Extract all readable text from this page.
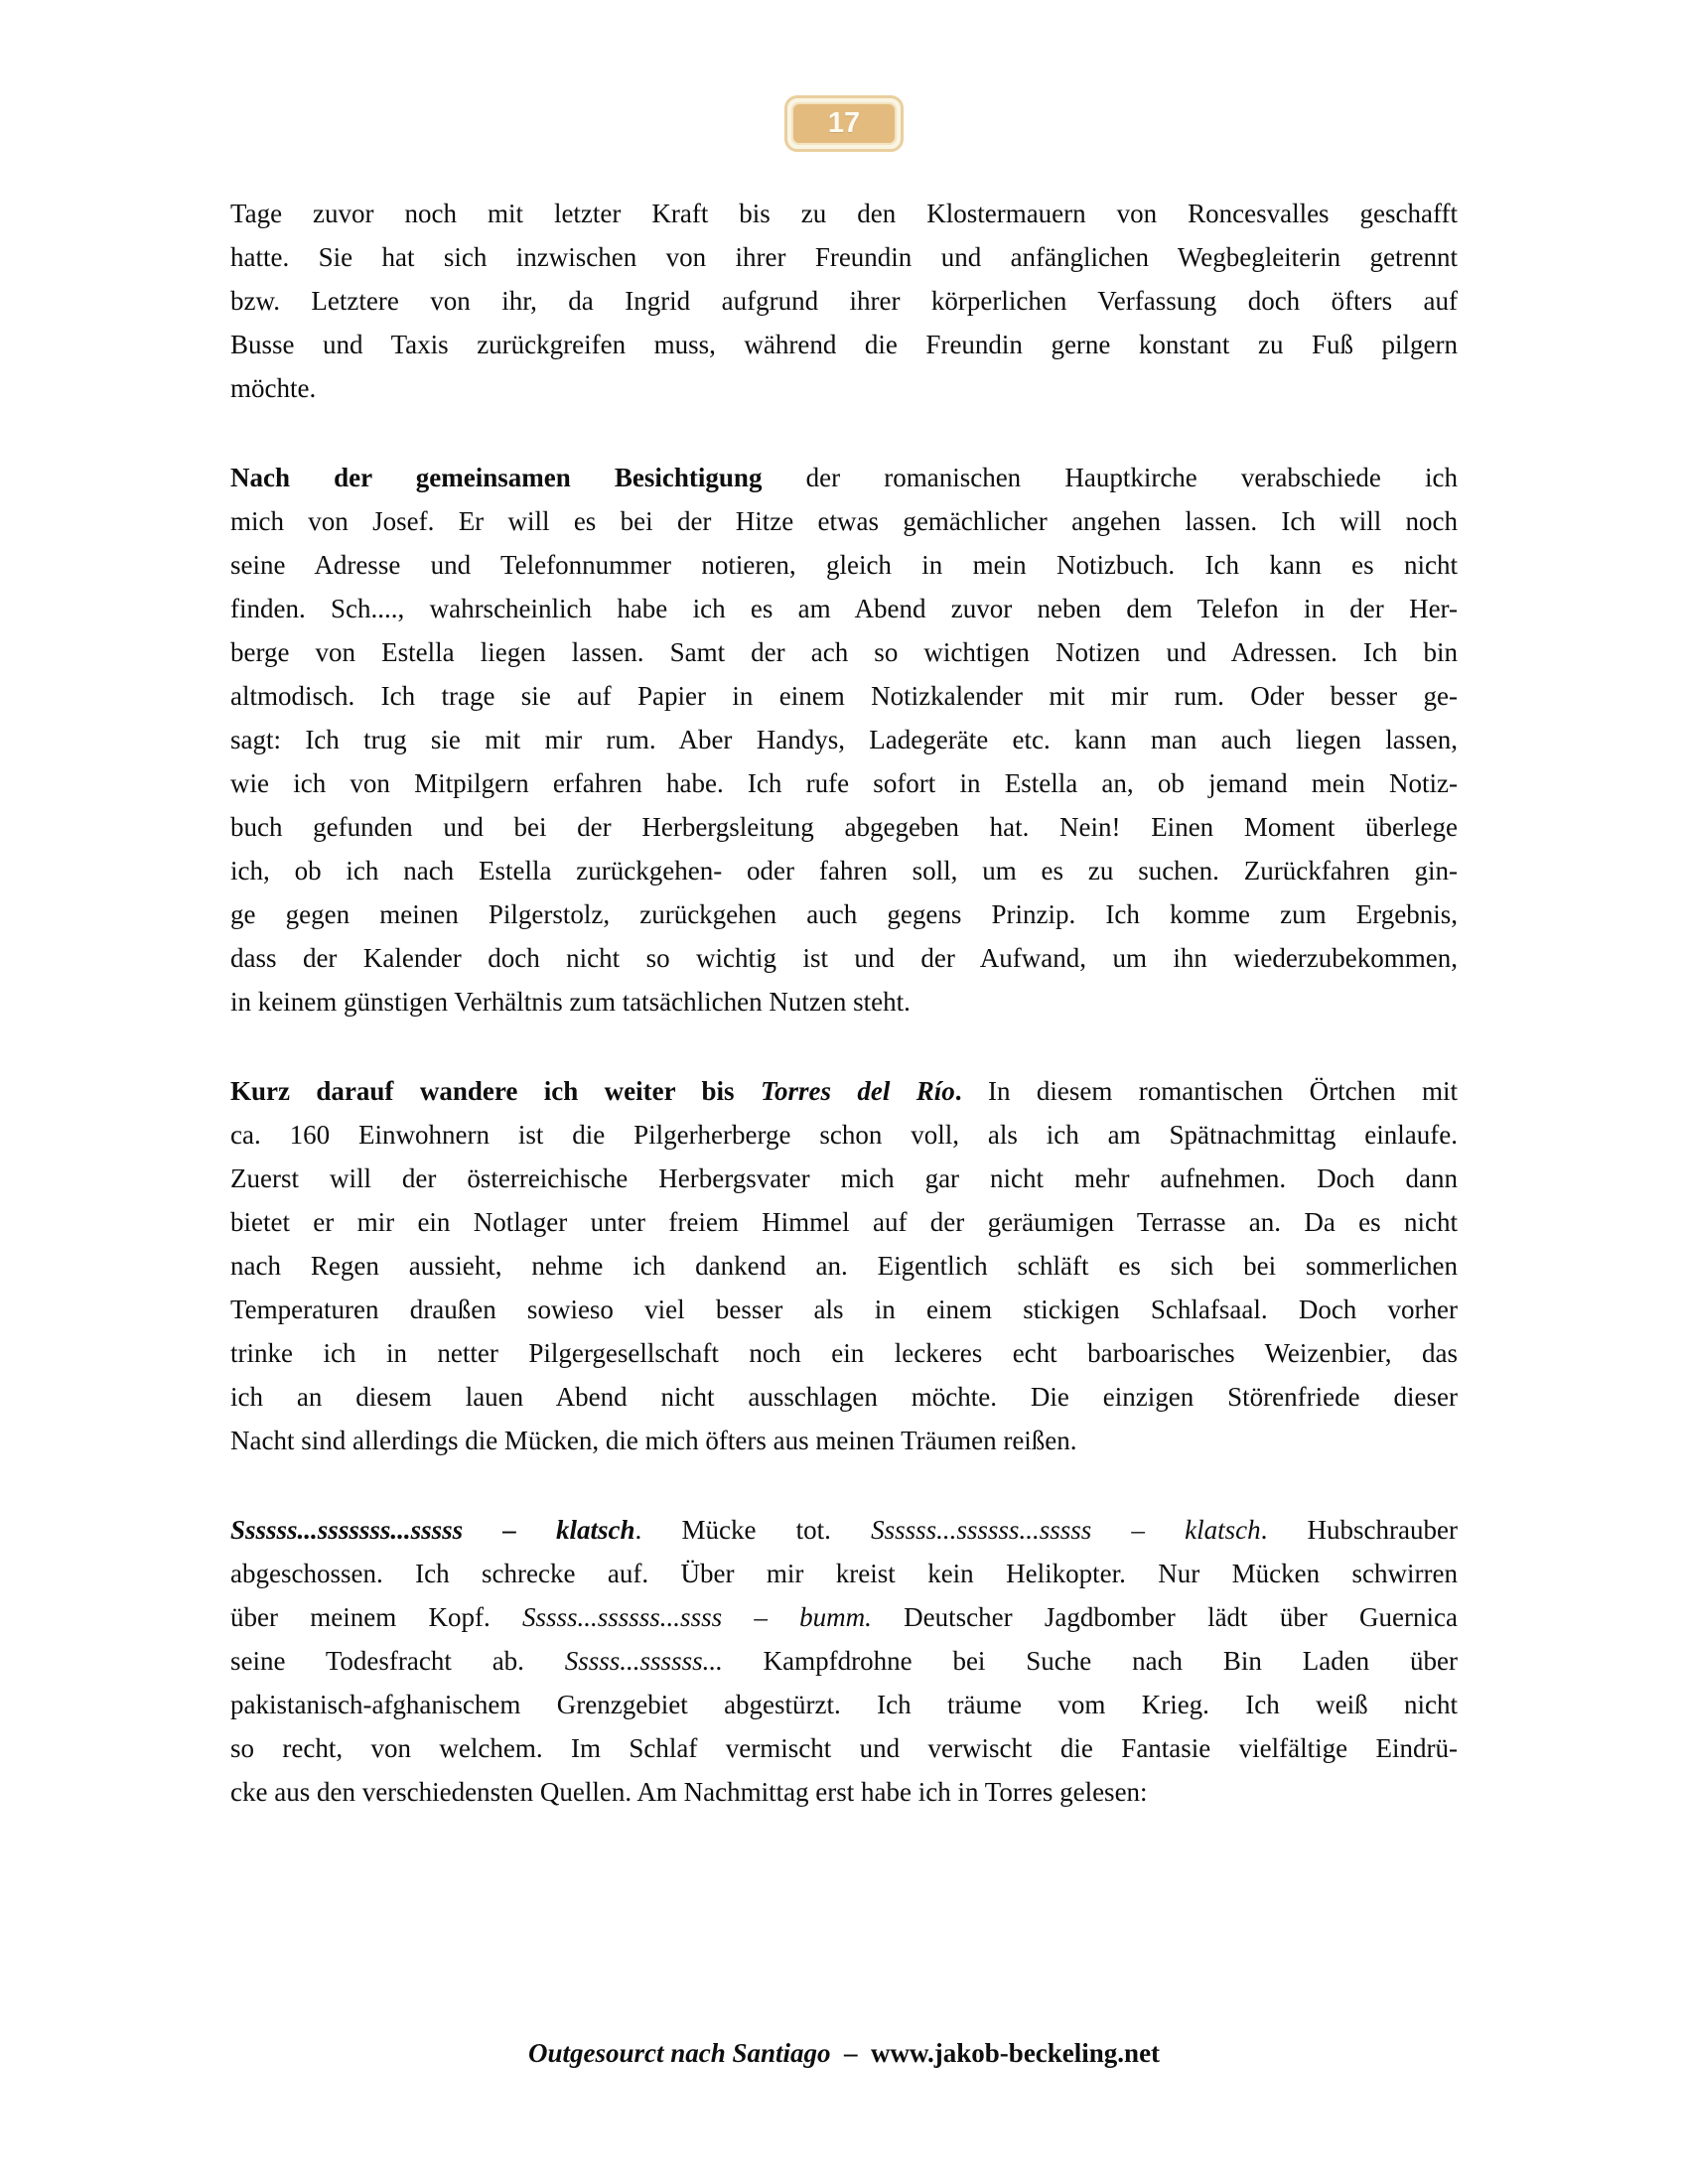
17
Tage zuvor noch mit letzter Kraft bis zu den Klostermauern von Roncesvalles geschafft
hatte. Sie hat sich inzwischen von ihrer Freundin und anfänglichen Wegbegleiterin getrennt
bzw. Letztere von ihr, da Ingrid aufgrund ihrer körperlichen Verfassung doch öfters auf
Busse und Taxis zurückgreifen muss, während die Freundin gerne konstant zu Fuß pilgern
möchte.
Nach der gemeinsamen Besichtigung der romanischen Hauptkirche verabschiede ich
mich von Josef. Er will es bei der Hitze etwas gemächlicher angehen lassen. Ich will noch
seine Adresse und Telefonnummer notieren, gleich in mein Notizbuch. Ich kann es nicht
finden. Sch...., wahrscheinlich habe ich es am Abend zuvor neben dem Telefon in der Her-
berge von Estella liegen lassen. Samt der ach so wichtigen Notizen und Adressen. Ich bin
altmodisch. Ich trage sie auf Papier in einem Notizkalender mit mir rum. Oder besser ge-
sagt: Ich trug sie mit mir rum. Aber Handys, Ladegeräte etc. kann man auch liegen lassen,
wie ich von Mitpilgern erfahren habe. Ich rufe sofort in Estella an, ob jemand mein Notiz-
buch gefunden und bei der Herbergsleitung abgegeben hat. Nein! Einen Moment überlege
ich, ob ich nach Estella zurückgehen- oder fahren soll, um es zu suchen. Zurückfahren gin-
ge gegen meinen Pilgerstolz, zurückgehen auch gegens Prinzip. Ich komme zum Ergebnis,
dass der Kalender doch nicht so wichtig ist und der Aufwand, um ihn wiederzubekommen,
in keinem günstigen Verhältnis zum tatsächlichen Nutzen steht.
Kurz darauf wandere ich weiter bis Torres del Río. In diesem romantischen Örtchen mit
ca. 160 Einwohnern ist die Pilgerherberge schon voll, als ich am Spätnachmittag einlaufe.
Zuerst will der österreichische Herbergsvater mich gar nicht mehr aufnehmen. Doch dann
bietet er mir ein Notlager unter freiem Himmel auf der geräumigen Terrasse an. Da es nicht
nach Regen aussieht, nehme ich dankend an. Eigentlich schläft es sich bei sommerlichen
Temperaturen draußen sowieso viel besser als in einem stickigen Schlafsaal. Doch vorher
trinke ich in netter Pilgergesellschaft noch ein leckeres echt barboarisches Weizenbier, das
ich an diesem lauen Abend nicht ausschlagen möchte. Die einzigen Störenfriede dieser
Nacht sind allerdings die Mücken, die mich öfters aus meinen Träumen reißen.
Ssssss...sssssss...sssss – klatsch. Mücke tot. Ssssss...ssssss...sssss – klatsch. Hubschrauber
abgeschossen. Ich schrecke auf. Über mir kreist kein Helikopter. Nur Mücken schwirren
über meinem Kopf. Sssss...ssssss...ssss – bumm. Deutscher Jagdbomber lädt über Guernica
seine Todesfracht ab. Sssss...ssssss... Kampfdrohne bei Suche nach Bin Laden über
pakistanisch-afghanischem Grenzgebiet abgestürzt. Ich träume vom Krieg. Ich weiß nicht
so recht, von welchem. Im Schlaf vermischt und verwischt die Fantasie vielfältige Eindrü-
cke aus den verschiedensten Quellen. Am Nachmittag erst habe ich in Torres gelesen:
Outgesourct nach Santiago – www.jakob-beckeling.net
